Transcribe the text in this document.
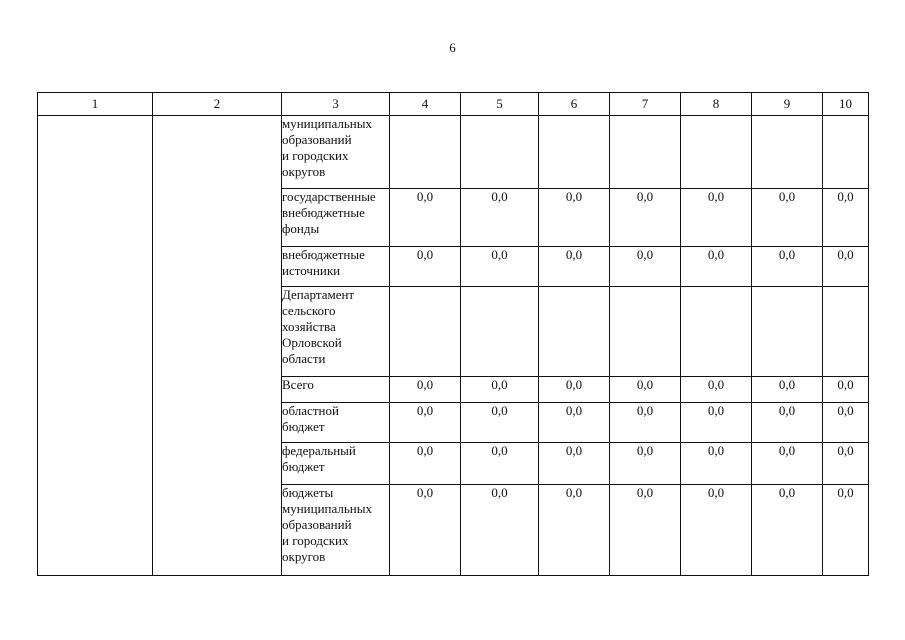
6
1	2	3	4	5	6	7	8	9	10

		муниципальных
образований
и городских
округов							

		государственные
внебюджетные
фонды	0,0	0,0	0,0	0,0	0,0	0,0	0,0

		внебюджетные
источники	0,0	0,0	0,0	0,0	0,0	0,0	0,0

		Департамент
сельского
хозяйства
Орловской
области							

		Всего	0,0	0,0	0,0	0,0	0,0	0,0	0,0

		областной
бюджет	0,0	0,0	0,0	0,0	0,0	0,0	0,0

		федеральный
бюджет	0,0	0,0	0,0	0,0	0,0	0,0	0,0

		бюджеты
муниципальных
образований
и городских
округов	0,0	0,0	0,0	0,0	0,0	0,0	0,0
